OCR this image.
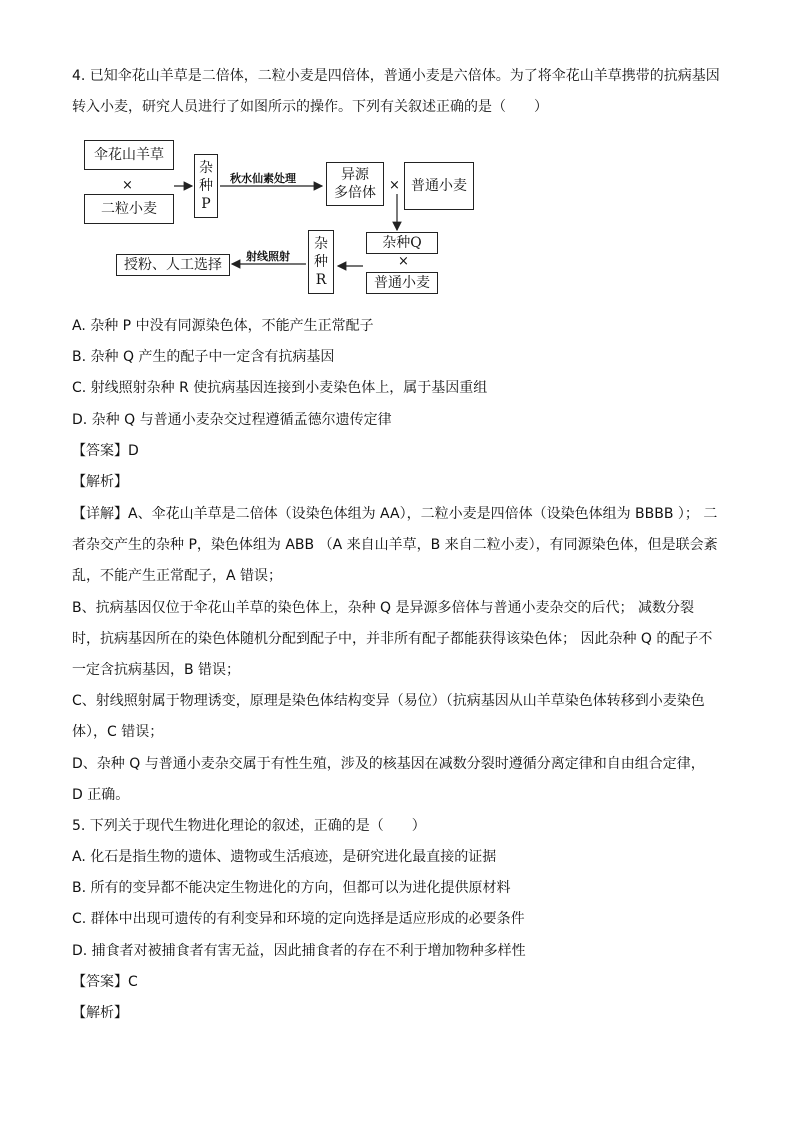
4. 已知伞花山羊草是二倍体，二粒小麦是四倍体，普通小麦是六倍体。为了将伞花山羊草携带的抗病基因
转入小麦，研究人员进行了如图所示的操作。下列有关叙述正确的是（　　）
伞花山羊草
×
二粒小麦
杂
种
P
秋水仙素处理	异源
多倍体 × 普通小麦
杂种Q
×
普通小麦
杂
种
R
射线照射
授粉、人工选择
A. 杂种 P 中没有同源染色体，不能产生正常配子
B. 杂种 Q 产生的配子中一定含有抗病基因
C. 射线照射杂种 R 使抗病基因连接到小麦染色体上，属于基因重组
D. 杂种 Q 与普通小麦杂交过程遵循孟德尔遗传定律
【答案】D
【解析】
【详解】A、伞花山羊草是二倍体（设染色体组为 AA），二粒小麦是四倍体（设染色体组为 BBBB ）； 二
者杂交产生的杂种 P，染色体组为 ABB （A 来自山羊草，B 来自二粒小麦），有同源染色体，但是联会紊
乱，不能产生正常配子，A 错误；
B、抗病基因仅位于伞花山羊草的染色体上，杂种 Q 是异源多倍体与普通小麦杂交的后代； 减数分裂
时，抗病基因所在的染色体随机分配到配子中，并非所有配子都能获得该染色体； 因此杂种 Q 的配子不
一定含抗病基因，B 错误；
C、射线照射属于物理诱变，原理是染色体结构变异（易位）（抗病基因从山羊草染色体转移到小麦染色
体），C 错误；
D、杂种 Q 与普通小麦杂交属于有性生殖，涉及的核基因在减数分裂时遵循分离定律和自由组合定律，
D 正确。
5. 下列关于现代生物进化理论的叙述，正确的是（　　）
A. 化石是指生物的遗体、遗物或生活痕迹，是研究进化最直接的证据
B. 所有的变异都不能决定生物进化的方向，但都可以为进化提供原材料
C. 群体中出现可遗传的有利变异和环境的定向选择是适应形成的必要条件
D. 捕食者对被捕食者有害无益，因此捕食者的存在不利于增加物种多样性
【答案】C
【解析】
